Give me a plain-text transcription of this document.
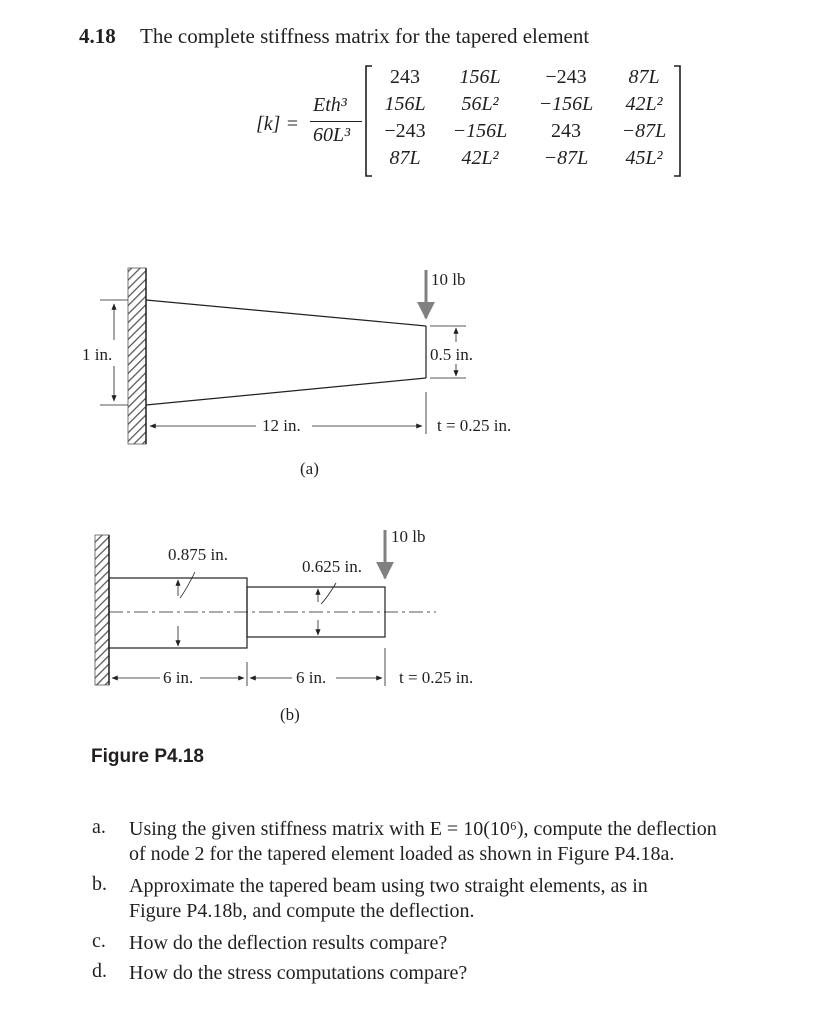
4.18 The complete stiffness matrix for the tapered element
[k] =
Eth³
60L³
243	156L	−243	87L
156L	56L²	−156L	42L²
−243	−156L	243	−87L
87L	42L²	−87L	45L²
10 lb
1 in.	0.5 in.
12 in.	t = 0.25 in.
(a)
10 lb
0.875 in.
0.625 in.
6 in.	6 in.	t = 0.25 in.
(b)
Figure P4.18
a. Using the given stiffness matrix with E = 10(10⁶), compute the deflection
of node 2 for the tapered element loaded as shown in Figure P4.18a.
b. Approximate the tapered beam using two straight elements, as in
Figure P4.18b, and compute the deflection.
c. How do the deflection results compare?
d. How do the stress computations compare?
